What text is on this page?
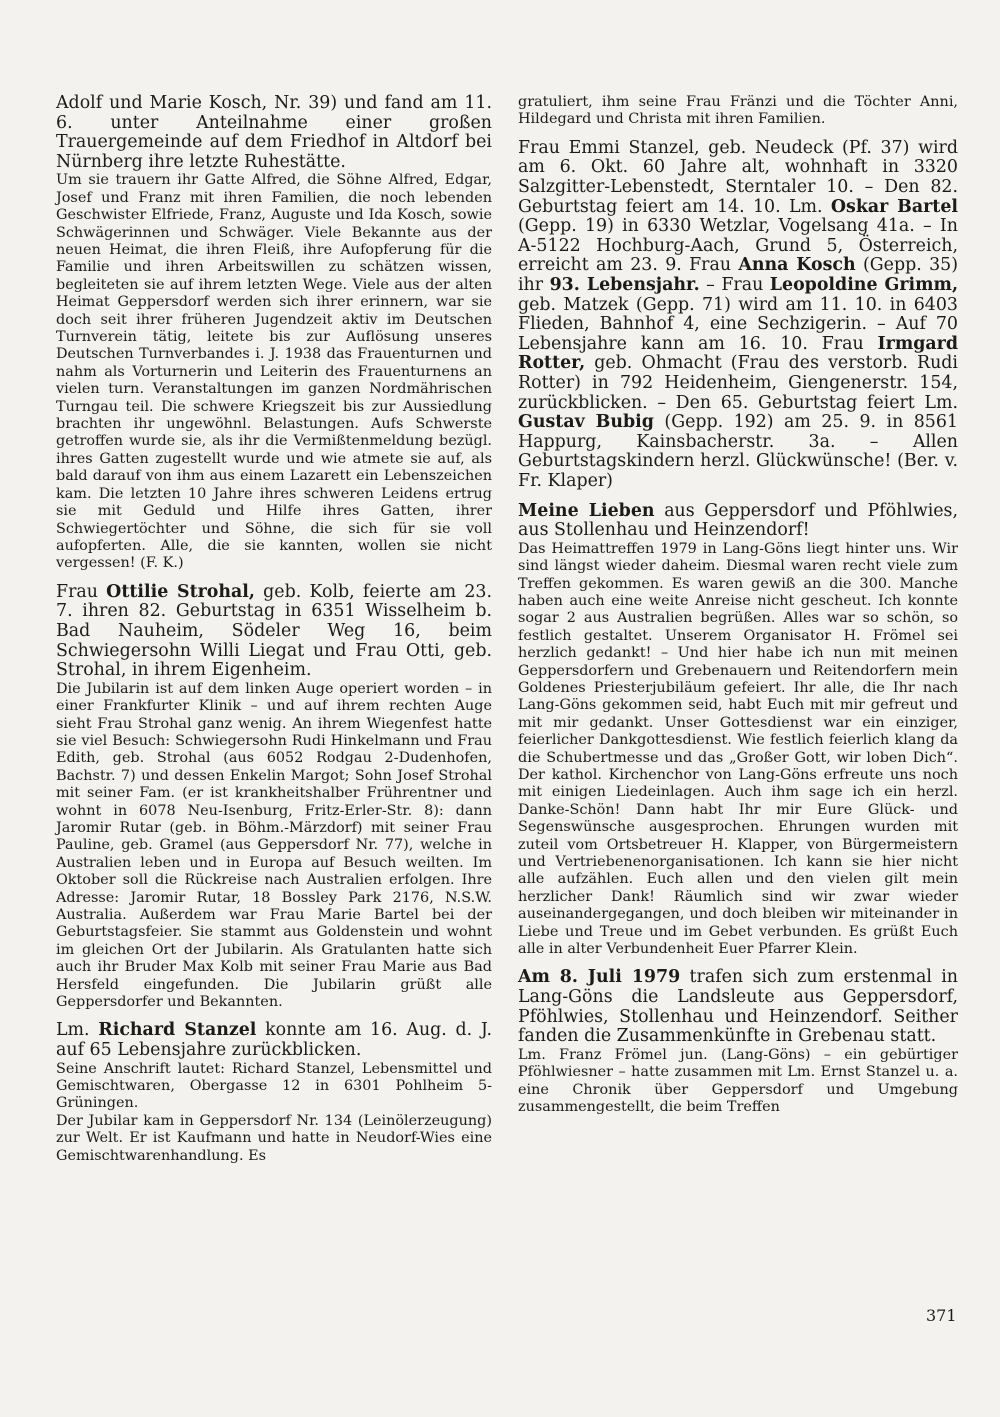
Adolf und Marie Kosch, Nr. 39) und fand am 11. 6. unter Anteilnahme einer großen Trauergemeinde auf dem Friedhof in Altdorf bei Nürnberg ihre letzte Ruhestätte.

Um sie trauern ihr Gatte Alfred, die Söhne Alfred, Edgar, Josef und Franz mit ihren Familien, die noch lebenden Geschwister Elfriede, Franz, Auguste und Ida Kosch, sowie Schwägerinnen und Schwäger. Viele Bekannte aus der neuen Heimat, die ihren Fleiß, ihre Aufopferung für die Familie und ihren Arbeitswillen zu schätzen wissen, begleiteten sie auf ihrem letzten Wege. Viele aus der alten Heimat Geppersdorf werden sich ihrer erinnern, war sie doch seit ihrer früheren Jugendzeit aktiv im Deutschen Turnverein tätig, leitete bis zur Auflösung unseres Deutschen Turnverbandes i. J. 1938 das Frauenturnen und nahm als Vorturnerin und Leiterin des Frauenturnens an vielen turn. Veranstaltungen im ganzen Nordmährischen Turngau teil. Die schwere Kriegszeit bis zur Aussiedlung brachten ihr ungewöhnl. Belastungen. Aufs Schwerste getroffen wurde sie, als ihr die Vermißtenmeldung bezügl. ihres Gatten zugestellt wurde und wie atmete sie auf, als bald darauf von ihm aus einem Lazarett ein Lebenszeichen kam. Die letzten 10 Jahre ihres schweren Leidens ertrug sie mit Geduld und Hilfe ihres Gatten, ihrer Schwiegertöchter und Söhne, die sich für sie voll aufopferten. Alle, die sie kannten, wollen sie nicht vergessen! (F. K.)

Frau Ottilie Strohal, geb. Kolb, feierte am 23. 7. ihren 82. Geburtstag in 6351 Wisselheim b. Bad Nauheim, Södeler Weg 16, beim Schwiegersohn Willi Liegat und Frau Otti, geb. Strohal, in ihrem Eigenheim.

Die Jubilarin ist auf dem linken Auge operiert worden – in einer Frankfurter Klinik – und auf ihrem rechten Auge sieht Frau Strohal ganz wenig. An ihrem Wiegenfest hatte sie viel Besuch: Schwiegersohn Rudi Hinkelmann und Frau Edith, geb. Strohal (aus 6052 Rodgau 2-Dudenhofen, Bachstr. 7) und dessen Enkelin Margot; Sohn Josef Strohal mit seiner Fam. (er ist krankheitshalber Frührentner und wohnt in 6078 Neu-Isenburg, Fritz-Erler-Str. 8): dann Jaromir Rutar (geb. in Böhm.-Märzdorf) mit seiner Frau Pauline, geb. Gramel (aus Geppersdorf Nr. 77), welche in Australien leben und in Europa auf Besuch weilten. Im Oktober soll die Rückreise nach Australien erfolgen. Ihre Adresse: Jaromir Rutar, 18 Bossley Park 2176, N.S.W. Australia. Außerdem war Frau Marie Bartel bei der Geburtstagsfeier. Sie stammt aus Goldenstein und wohnt im gleichen Ort der Jubilarin. Als Gratulanten hatte sich auch ihr Bruder Max Kolb mit seiner Frau Marie aus Bad Hersfeld eingefunden. Die Jubilarin grüßt alle Geppersdorfer und Bekannten.

Lm. Richard Stanzel konnte am 16. Aug. d. J. auf 65 Lebensjahre zurückblicken.

Seine Anschrift lautet: Richard Stanzel, Lebensmittel und Gemischtwaren, Obergasse 12 in 6301 Pohlheim 5-Grüningen.

Der Jubilar kam in Geppersdorf Nr. 134 (Leinölerzeugung) zur Welt. Er ist Kaufmann und hatte in Neudorf-Wies eine Gemischtwarenhandlung. Es

gratuliert, ihm seine Frau Fränzi und die Töchter Anni, Hildegard und Christa mit ihren Familien.

Frau Emmi Stanzel, geb. Neudeck (Pf. 37) wird am 6. Okt. 60 Jahre alt, wohnhaft in 3320 Salzgitter-Lebenstedt, Sterntaler 10. – Den 82. Geburtstag feiert am 14. 10. Lm. Oskar Bartel (Gepp. 19) in 6330 Wetzlar, Vogelsang 41a. – In A-5122 Hochburg-Aach, Grund 5, Österreich, erreicht am 23. 9. Frau Anna Kosch (Gepp. 35) ihr 93. Lebensjahr. – Frau Leopoldine Grimm, geb. Matzek (Gepp. 71) wird am 11. 10. in 6403 Flieden, Bahnhof 4, eine Sechzigerin. – Auf 70 Lebensjahre kann am 16. 10. Frau Irmgard Rotter, geb. Ohmacht (Frau des verstorb. Rudi Rotter) in 792 Heidenheim, Giengenerstr. 154, zurückblicken. – Den 65. Geburtstag feiert Lm. Gustav Bubig (Gepp. 192) am 25. 9. in 8561 Happurg, Kainsbacherstr. 3a. – Allen Geburtstagskindern herzl. Glückwünsche! (Ber. v. Fr. Klaper)

Meine Lieben aus Geppersdorf und Pföhlwies, aus Stollenhau und Heinzendorf!

Das Heimattreffen 1979 in Lang-Göns liegt hinter uns. Wir sind längst wieder daheim. Diesmal waren recht viele zum Treffen gekommen. Es waren gewiß an die 300. Manche haben auch eine weite Anreise nicht gescheut. Ich konnte sogar 2 aus Australien begrüßen. Alles war so schön, so festlich gestaltet. Unserem Organisator H. Frömel sei herzlich gedankt! – Und hier habe ich nun mit meinen Geppersdorfern und Grebenauern und Reitendorfern mein Goldenes Priesterjubiläum gefeiert. Ihr alle, die Ihr nach Lang-Göns gekommen seid, habt Euch mit mir gefreut und mit mir gedankt. Unser Gottesdienst war ein einziger, feierlicher Dankgottesdienst. Wie festlich feierlich klang da die Schubertmesse und das „Großer Gott, wir loben Dich“. Der kathol. Kirchenchor von Lang-Göns erfreute uns noch mit einigen Liedeinlagen. Auch ihm sage ich ein herzl. Danke-Schön! Dann habt Ihr mir Eure Glück- und Segenswünsche ausgesprochen. Ehrungen wurden mit zuteil vom Ortsbetreuer H. Klapper, von Bürgermeistern und Vertriebenenorganisationen. Ich kann sie hier nicht alle aufzählen. Euch allen und den vielen gilt mein herzlicher Dank! Räumlich sind wir zwar wieder auseinandergegangen, und doch bleiben wir miteinander in Liebe und Treue und im Gebet verbunden. Es grüßt Euch alle in alter Verbundenheit Euer Pfarrer Klein.

Am 8. Juli 1979 trafen sich zum erstenmal in Lang-Göns die Landsleute aus Geppersdorf, Pföhlwies, Stollenhau und Heinzendorf. Seither fanden die Zusammenkünfte in Grebenau statt.

Lm. Franz Frömel jun. (Lang-Göns) – ein gebürtiger Pföhlwiesner – hatte zusammen mit Lm. Ernst Stanzel u. a. eine Chronik über Geppersdorf und Umgebung zusammengestellt, die beim Treffen

371
